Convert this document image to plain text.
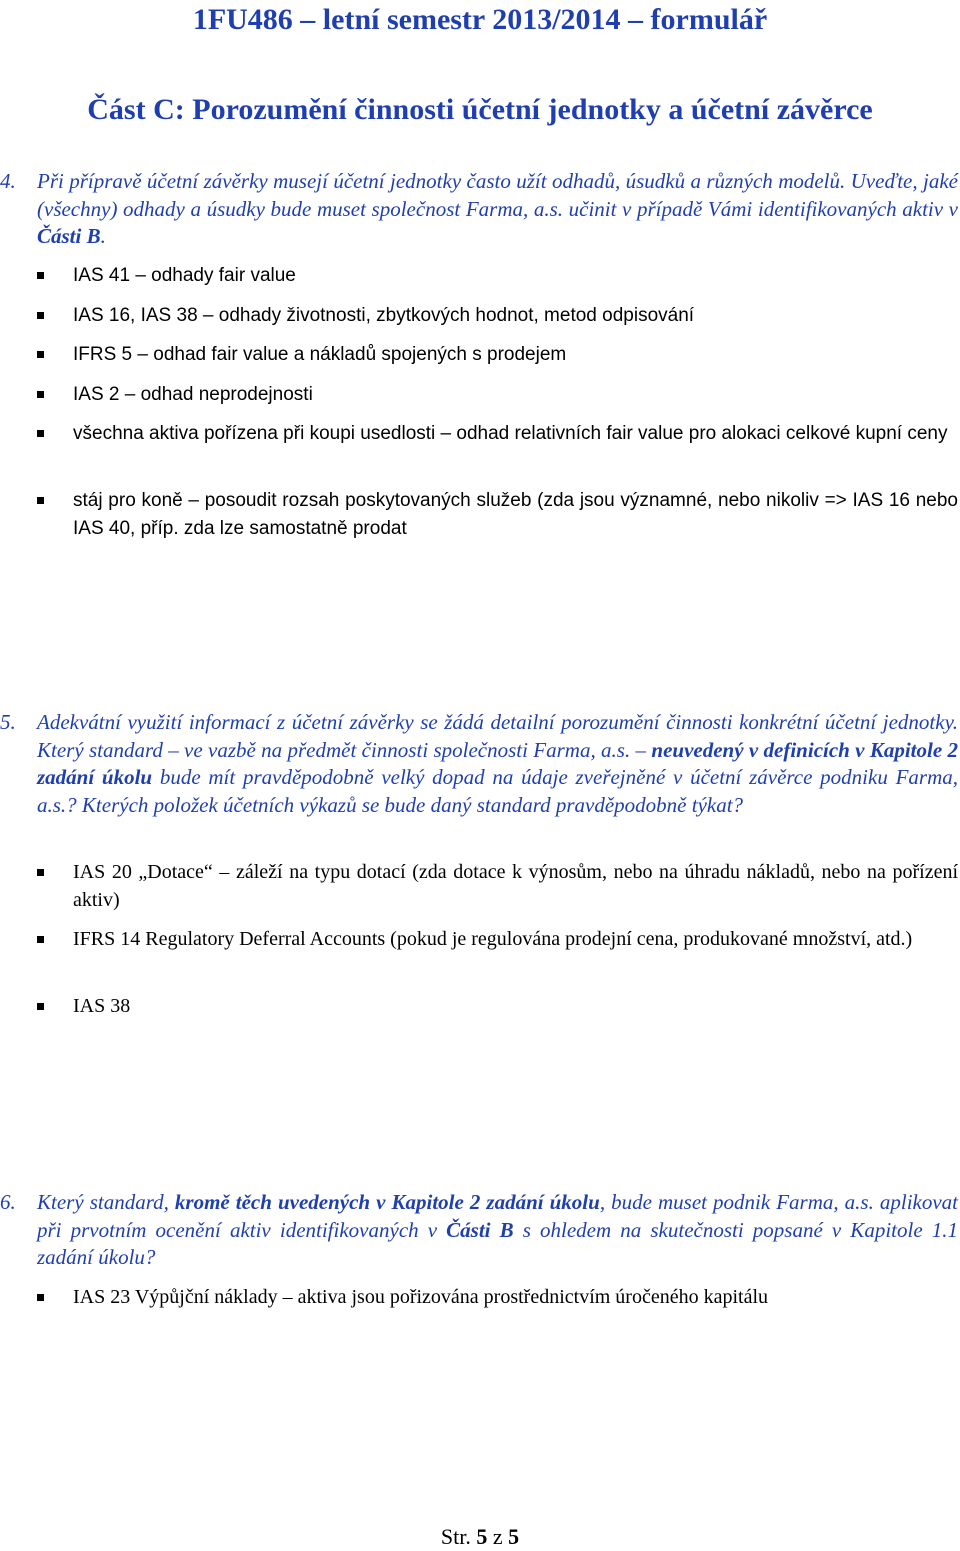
1FU486 – letní semestr 2013/2014 – formulář
Část C: Porozumění činnosti účetní jednotky a účetní závěrce
4. Při přípravě účetní závěrky musejí účetní jednotky často užít odhadů, úsudků a různých modelů. Uveďte, jaké (všechny) odhady a úsudky bude muset společnost Farma, a.s. učinit v případě Vámi identifikovaných aktiv v Části B.
IAS 41 – odhady fair value
IAS 16, IAS 38 – odhady životnosti, zbytkových hodnot, metod odpisování
IFRS 5 – odhad fair value a nákladů spojených s prodejem
IAS 2 – odhad neprodejnosti
všechna aktiva pořízena při koupi usedlosti – odhad relativních fair value pro alokaci celkové kupní ceny
stáj pro koně – posoudit rozsah poskytovaných služeb (zda jsou významné, nebo nikoliv => IAS 16 nebo IAS 40, příp. zda lze samostatně prodat
5. Adekvátní využití informací z účetní závěrky se žádá detailní porozumění činnosti konkrétní účetní jednotky. Který standard – ve vazbě na předmět činnosti společnosti Farma, a.s. – neuvedený v definicích v Kapitole 2 zadání úkolu bude mít pravděpodobně velký dopad na údaje zveřejněné v účetní závěrce podniku Farma, a.s.? Kterých položek účetních výkazů se bude daný standard pravděpodobně týkat?
IAS 20 „Dotace“ – záleží na typu dotací (zda dotace k výnosům, nebo na úhradu nákladů, nebo na pořízení aktiv)
IFRS 14 Regulatory Deferral Accounts (pokud je regulována prodejní cena, produkované množství, atd.)
IAS 38
6. Který standard, kromě těch uvedených v Kapitole 2 zadání úkolu, bude muset podnik Farma, a.s. aplikovat při prvotním ocenění aktiv identifikovaných v Části B s ohledem na skutečnosti popsané v Kapitole 1.1 zadání úkolu?
IAS 23 Výpůjční náklady – aktiva jsou pořizována prostřednictvím úročeného kapitálu
Str. 5 z 5
